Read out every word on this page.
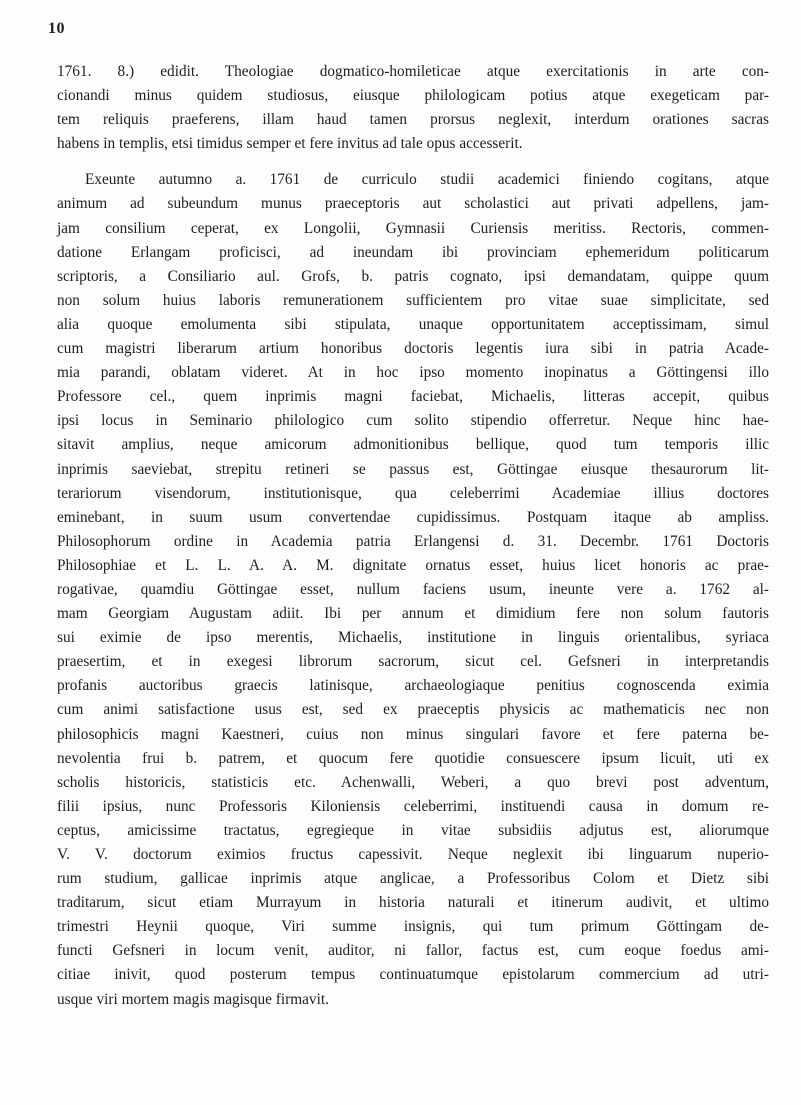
10

1761. 8.) edidit. Theologiae dogmatico-homileticae atque exercitationis in arte con-
cionandi minus quidem studiosus, eiusque philologicam potius atque exegeticam par-
tem reliquis praeferens, illam haud tamen prorsus neglexit, interdum orationes sacras
habens in templis, etsi timidus semper et fere invitus ad tale opus accesserit.

Exeunte autumno a. 1761 de curriculo studii academici finiendo cogitans, atque
animum ad subeundum munus praeceptoris aut scholastici aut privati adpellens, jam-
jam consilium ceperat, ex Longolii, Gymnasii Curiensis meritiss. Rectoris, commen-
datione Erlangam proficisci, ad ineundam ibi provinciam ephemeridum politicarum
scriptoris, a Consiliario aul. Grofs, b. patris cognato, ipsi demandatam, quippe quum
non solum huius laboris remunerationem sufficientem pro vitae suae simplicitate, sed
alia quoque emolumenta sibi stipulata, unaque opportunitatem acceptissimam, simul
cum magistri liberarum artium honoribus doctoris legentis iura sibi in patria Acade-
mia parandi, oblatam videret. At in hoc ipso momento inopinatus a Göttingensi illo
Professore cel., quem inprimis magni faciebat, Michaelis, litteras accepit, quibus
ipsi locus in Seminario philologico cum solito stipendio offerretur. Neque hinc hae-
sitavit amplius, neque amicorum admonitionibus bellique, quod tum temporis illic
inprimis saeviebat, strepitu retineri se passus est, Göttingae eiusque thesaurorum lit-
terariorum visendorum, institutionisque, qua celeberrimi Academiae illius doctores
eminebant, in suum usum convertendae cupidissimus. Postquam itaque ab ampliss.
Philosophorum ordine in Academia patria Erlangensi d. 31. Decembr. 1761 Doctoris
Philosophiae et L. L. A. A. M. dignitate ornatus esset, huius licet honoris ac prae-
rogativae, quamdiu Göttingae esset, nullum faciens usum, ineunte vere a. 1762 al-
mam Georgiam Augustam adiit. Ibi per annum et dimidium fere non solum fautoris
sui eximie de ipso merentis, Michaelis, institutione in linguis orientalibus, syriaca
praesertim, et in exegesi librorum sacrorum, sicut cel. Gefsneri in interpretandis
profanis auctoribus graecis latinisque, archaeologiaque penitius cognoscenda eximia
cum animi satisfactione usus est, sed ex praeceptis physicis ac mathematicis nec non
philosophicis magni Kaestneri, cuius non minus singulari favore et fere paterna be-
nevolentia frui b. patrem, et quocum fere quotidie consuescere ipsum licuit, uti ex
scholis historicis, statisticis etc. Achenwalli, Weberi, a quo brevi post adventum,
filii ipsius, nunc Professoris Kiloniensis celeberrimi, instituendi causa in domum re-
ceptus, amicissime tractatus, egregieque in vitae subsidiis adjutus est, aliorumque
V. V. doctorum eximios fructus capessivit. Neque neglexit ibi linguarum nuperio-
rum studium, gallicae inprimis atque anglicae, a Professoribus Colom et Dietz sibi
traditarum, sicut etiam Murrayum in historia naturali et itinerum audivit, et ultimo
trimestri Heynii quoque, Viri summe insignis, qui tum primum Göttingam de-
functi Gefsneri in locum venit, auditor, ni fallor, factus est, cum eoque foedus ami-
citiae inivit, quod posterum tempus continuatumque epistolarum commercium ad utri-
usque viri mortem magis magisque firmavit.
